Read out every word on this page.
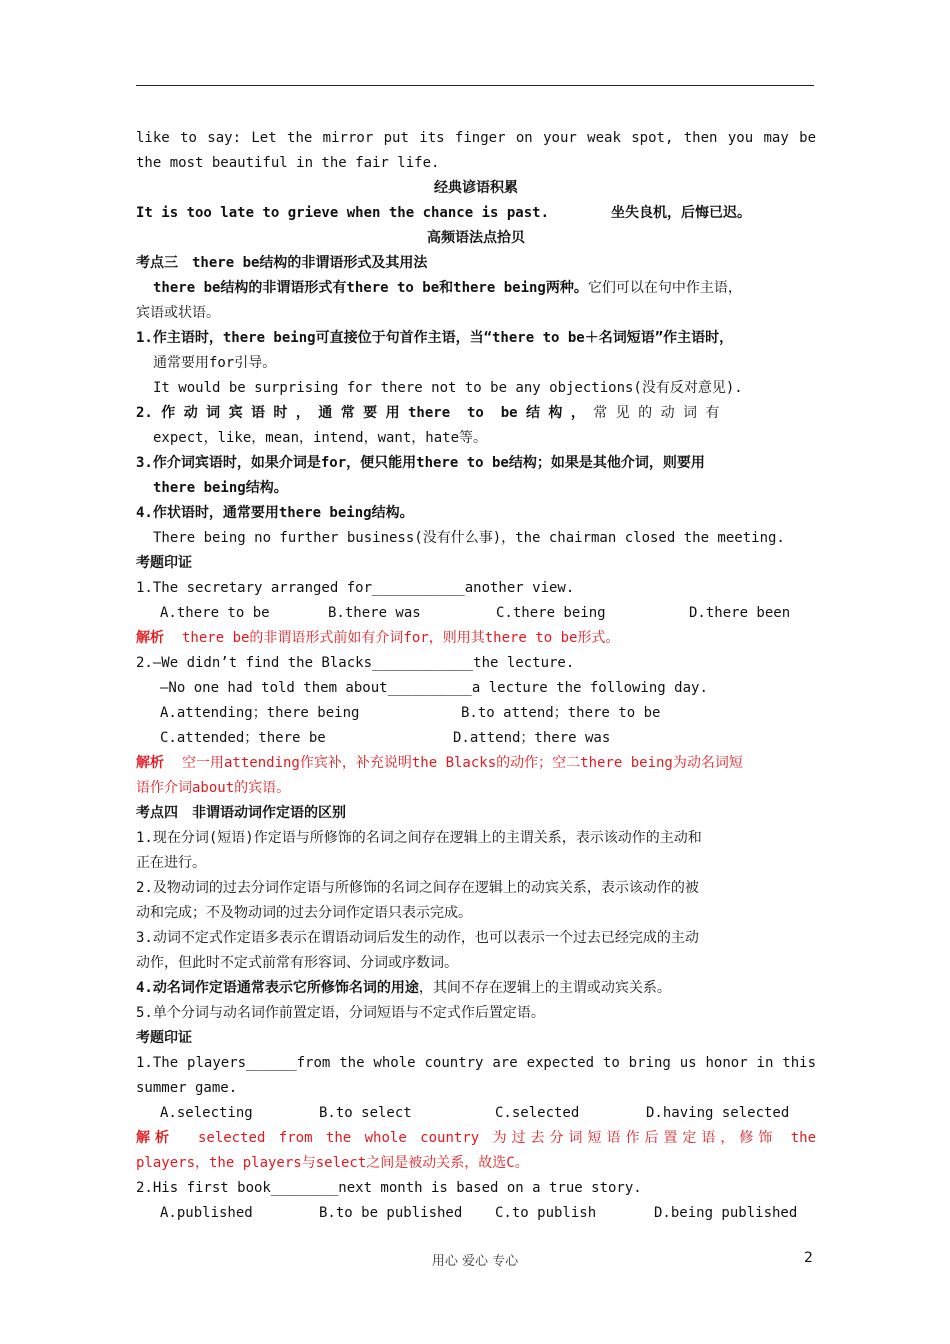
like to say: Let the mirror put its finger on your weak spot, then you may be
the most beautiful in the fair life.
经典谚语积累
It is too late to grieve when the chance is past.	坐失良机，后悔已迟。
高频语法点拾贝
考点三　there be结构的非谓语形式及其用法
there be结构的非谓语形式有there to be和there being两种。它们可以在句中作主语，
宾语或状语。
1.作主语时，there being可直接位于句首作主语，当“there to be＋名词短语”作主语时，
通常要用for引导。
It would be surprising for there not to be any objections(没有反对意见).
2. 作 动 词 宾 语 时 ， 通 常 要 用 there  to  be 结 构 ， 常 见 的 动 词 有
expect，like，mean，intend，want，hate等。
3.作介词宾语时，如果介词是for，便只能用there to be结构；如果是其他介词，则要用
there being结构。
4.作状语时，通常要用there being结构。
There being no further business(没有什么事)，the chairman closed the meeting.
考题印证
1.The secretary arranged for___________another view.
A.there to be	B.there was	C.there being	D.there been
解析 there be的非谓语形式前如有介词for，则用其there to be形式。
2.—We didn’t find the Blacks____________the lecture.
—No one had told them about__________a lecture the following day.
A.attending；there being	B.to attend；there to be
C.attended；there be	D.attend；there was
解析 空一用attending作宾补，补充说明the Blacks的动作；空二there being为动名词短
语作介词about的宾语。
考点四　非谓语动词作定语的区别
1.现在分词(短语)作定语与所修饰的名词之间存在逻辑上的主谓关系，表示该动作的主动和
正在进行。
2.及物动词的过去分词作定语与所修饰的名词之间存在逻辑上的动宾关系，表示该动作的被
动和完成；不及物动词的过去分词作定语只表示完成。
3.动词不定式作定语多表示在谓语动词后发生的动作，也可以表示一个过去已经完成的主动
动作，但此时不定式前常有形容词、分词或序数词。
4.动名词作定语通常表示它所修饰名词的用途，其间不存在逻辑上的主谓或动宾关系。
5.单个分词与动名词作前置定语，分词短语与不定式作后置定语。
考题印证
1.The players______from the whole country are expected to bring us honor in this
summer game.
A.selecting	B.to select	C.selected	D.having selected
解析 selected from the whole country 为过去分词短语作后置定语，修饰 the
players，the players与select之间是被动关系，故选C。
2.His first book________next month is based on a true story.
A.published	B.to be published	C.to publish	D.being published
用心 爱心 专心	2
